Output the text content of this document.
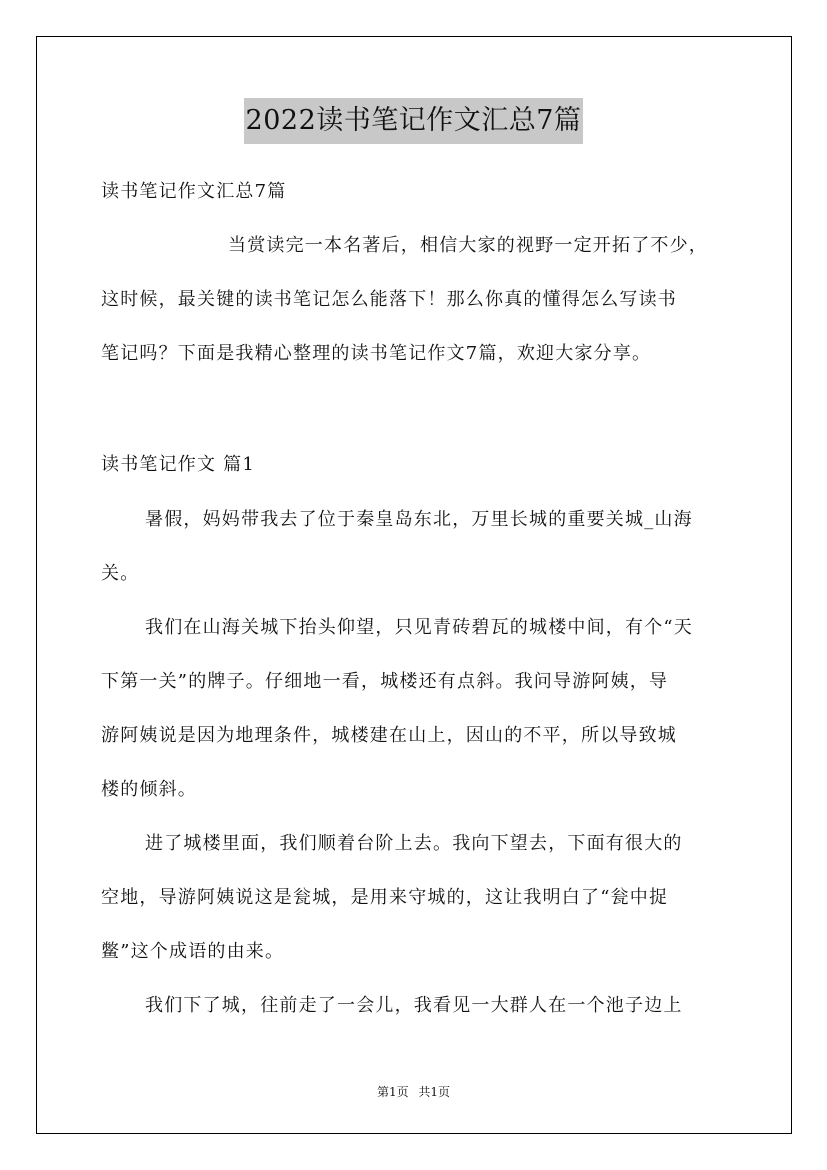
2022读书笔记作文汇总7篇
读书笔记作文汇总7篇
当赏读完一本名著后，相信大家的视野一定开拓了不少，
这时候，最关键的读书笔记怎么能落下！那么你真的懂得怎么写读书
笔记吗？下面是我精心整理的读书笔记作文7篇，欢迎大家分享。
读书笔记作文 篇1
暑假，妈妈带我去了位于秦皇岛东北，万里长城的重要关城_山海
关。
我们在山海关城下抬头仰望，只见青砖碧瓦的城楼中间，有个“天
下第一关”的牌子。仔细地一看，城楼还有点斜。我问导游阿姨，导
游阿姨说是因为地理条件，城楼建在山上，因山的不平，所以导致城
楼的倾斜。
进了城楼里面，我们顺着台阶上去。我向下望去，下面有很大的
空地，导游阿姨说这是瓮城，是用来守城的，这让我明白了“瓮中捉
鳖”这个成语的由来。
我们下了城，往前走了一会儿，我看见一大群人在一个池子边上
第1页 共1页
